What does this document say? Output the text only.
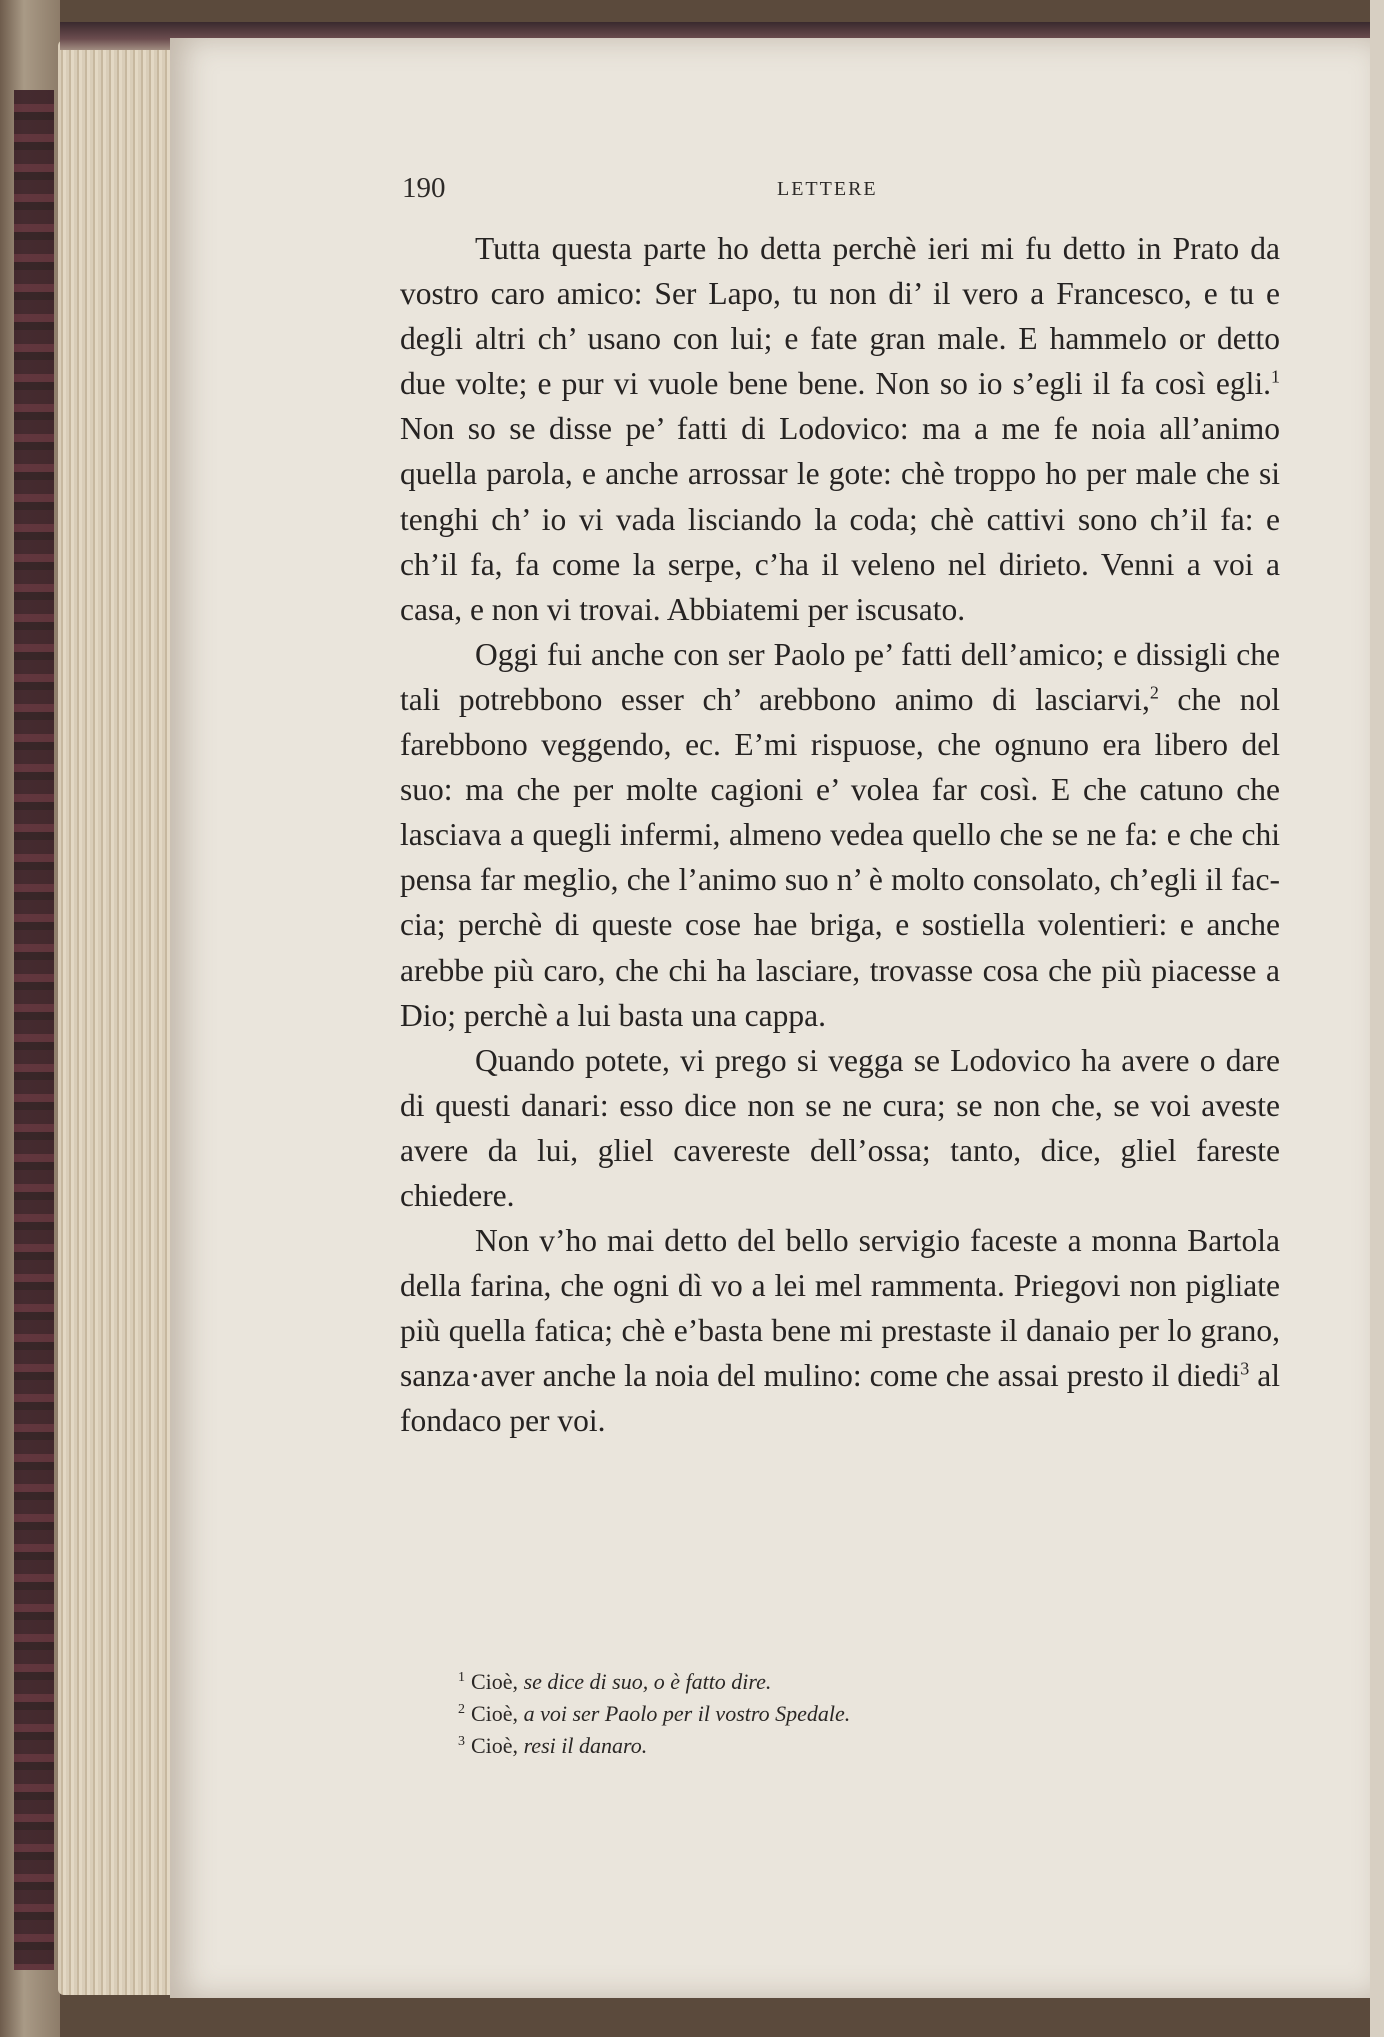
190	LETTERE

Tutta questa parte ho detta perchè ieri mi fu detto in Prato da vostro caro amico: Ser Lapo, tu non di’ il vero a Francesco, e tu e degli altri ch’ usano con lui; e fate gran male. E hammelo or detto due volte; e pur vi vuole bene bene. Non so io s’egli il fa così egli.$^1$ Non so se disse pe’ fatti di Lodovico: ma a me fe noia all’animo quella parola, e anche arrossar le gote: chè troppo ho per male che si tenghi ch’ io vi vada lisciando la coda; chè cattivi sono ch’il fa: e ch’il fa, fa come la serpe, c’ha il veleno nel dirieto. Venni a voi a casa, e non vi trovai. Abbiatemi per iscusato.

Oggi fui anche con ser Paolo pe’ fatti dell’amico; e dissigli che tali potrebbono esser ch’ arebbono animo di lasciarvi,$^2$ che nol farebbono veggendo, ec. E’mi rispuose, che ognuno era libero del suo: ma che per molte cagioni e’ volea far così. E che catuno che lasciava a quegli infermi, almeno vedea quello che se ne fa: e che chi pensa far meglio, che l’animo suo n’ è molto consolato, ch’egli il faccia; perchè di queste cose hae briga, e sostiella volentieri: e anche arebbe più caro, che chi ha lasciare, trovasse cosa che più piacesse a Dio; perchè a lui basta una cappa.

Quando potete, vi prego si vegga se Lodovico ha avere o dare di questi danari: esso dice non se ne cura; se non che, se voi aveste avere da lui, gliel cavereste dell’ossa; tanto, dice, gliel fareste chiedere.

Non v’ho mai detto del bello servigio faceste a monna Bartola della farina, che ogni dì vo a lei mel rammenta. Priegovi non pigliate più quella fatica; chè e’basta bene mi prestaste il danaio per lo grano, sanza·aver anche la noia del mulino: come che assai presto il diedi$^3$ al fondaco per voi.

$^1$ Cioè, se dice di suo, o è fatto dire.

$^2$ Cioè, a voi ser Paolo per il vostro Spedale.

$^3$ Cioè, resi il danaro.
